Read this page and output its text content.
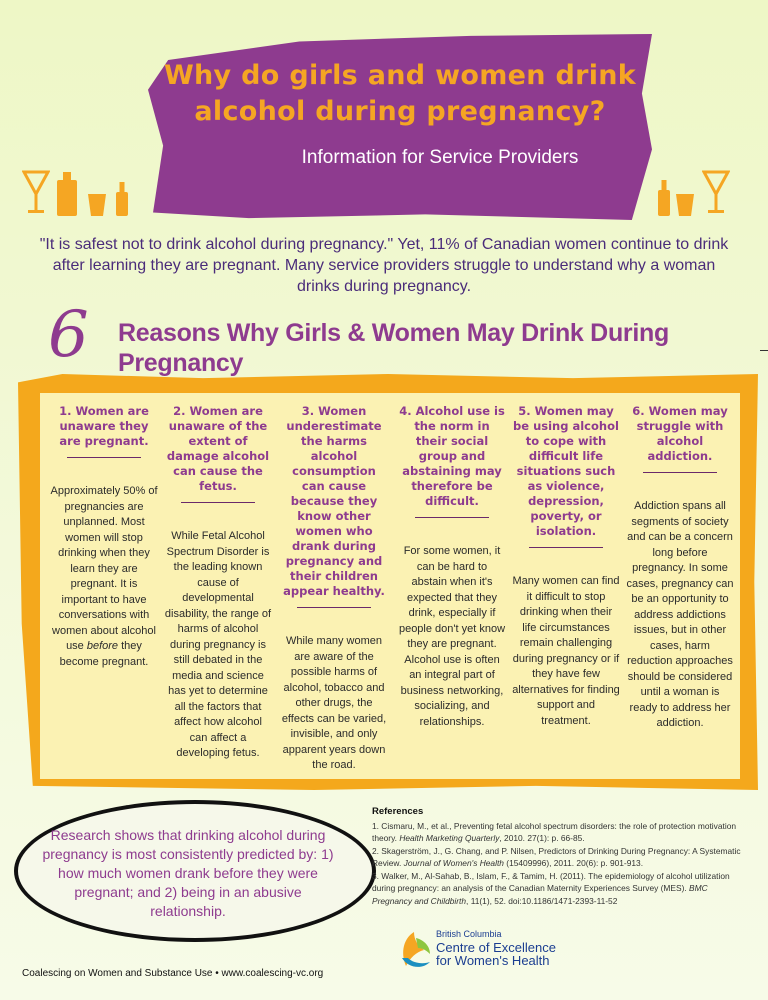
Why do girls and women drink
alcohol during pregnancy?
Information for Service Providers
"It is safest not to drink alcohol during pregnancy." Yet, 11% of Canadian women continue to drink after learning they are pregnant. Many service providers struggle to understand why a woman drinks during pregnancy.
6 Reasons Why Girls & Women May Drink During Pregnancy
1. Women are unaware they are pregnant.
Approximately 50% of pregnancies are unplanned. Most women will stop drinking when they learn they are pregnant. It is important to have conversations with women about alcohol use before they become pregnant.
2. Women are unaware of the extent of damage alcohol can cause the fetus.
While Fetal Alcohol Spectrum Disorder is the leading known cause of developmental disability, the range of harms of alcohol during pregnancy is still debated in the media and science has yet to determine all the factors that affect how alcohol can affect a developing fetus.
3. Women underestimate the harms alcohol consumption can cause because they know other women who drank during pregnancy and their children appear healthy.
While many women are aware of the possible harms of alcohol, tobacco and other drugs, the effects can be varied, invisible, and only apparent years down the road.
4. Alcohol use is the norm in their social group and abstaining may therefore be difficult.
For some women, it can be hard to abstain when it's expected that they drink, especially if people don't yet know they are pregnant. Alcohol use is often an integral part of business networking, socializing, and relationships.
5. Women may be using alcohol to cope with difficult life situations such as violence, depression, poverty, or isolation.
Many women can find it difficult to stop drinking when their life circumstances remain challenging during pregnancy or if they have few alternatives for finding support and treatment.
6. Women may struggle with alcohol addiction.
Addiction spans all segments of society and can be a concern long before pregnancy. In some cases, pregnancy can be an opportunity to address addictions issues, but in other cases, harm reduction approaches should be considered until a woman is ready to address her addiction.
Research shows that drinking alcohol during pregnancy is most consistently predicted by: 1) how much women drank before they were pregnant; and 2) being in an abusive relationship.
References
1. Cismaru, M., et al., Preventing fetal alcohol spectrum disorders: the role of protection motivation theory. Health Marketing Quarterly, 2010. 27(1): p. 66-85.
2. Skagerström, J., G. Chang, and P. Nilsen, Predictors of Drinking During Pregnancy: A Systematic Review. Journal of Women's Health (15409996), 2011. 20(6): p. 901-913.
3. Walker, M., Al-Sahab, B., Islam, F., & Tamim, H. (2011). The epidemiology of alcohol utilization during pregnancy: an analysis of the Canadian Maternity Experiences Survey (MES). BMC Pregnancy and Childbirth, 11(1), 52. doi:10.1186/1471-2393-11-52
Coalescing on Women and Substance Use • www.coalescing-vc.org
British Columbia
Centre of Excellence
for Women's Health
